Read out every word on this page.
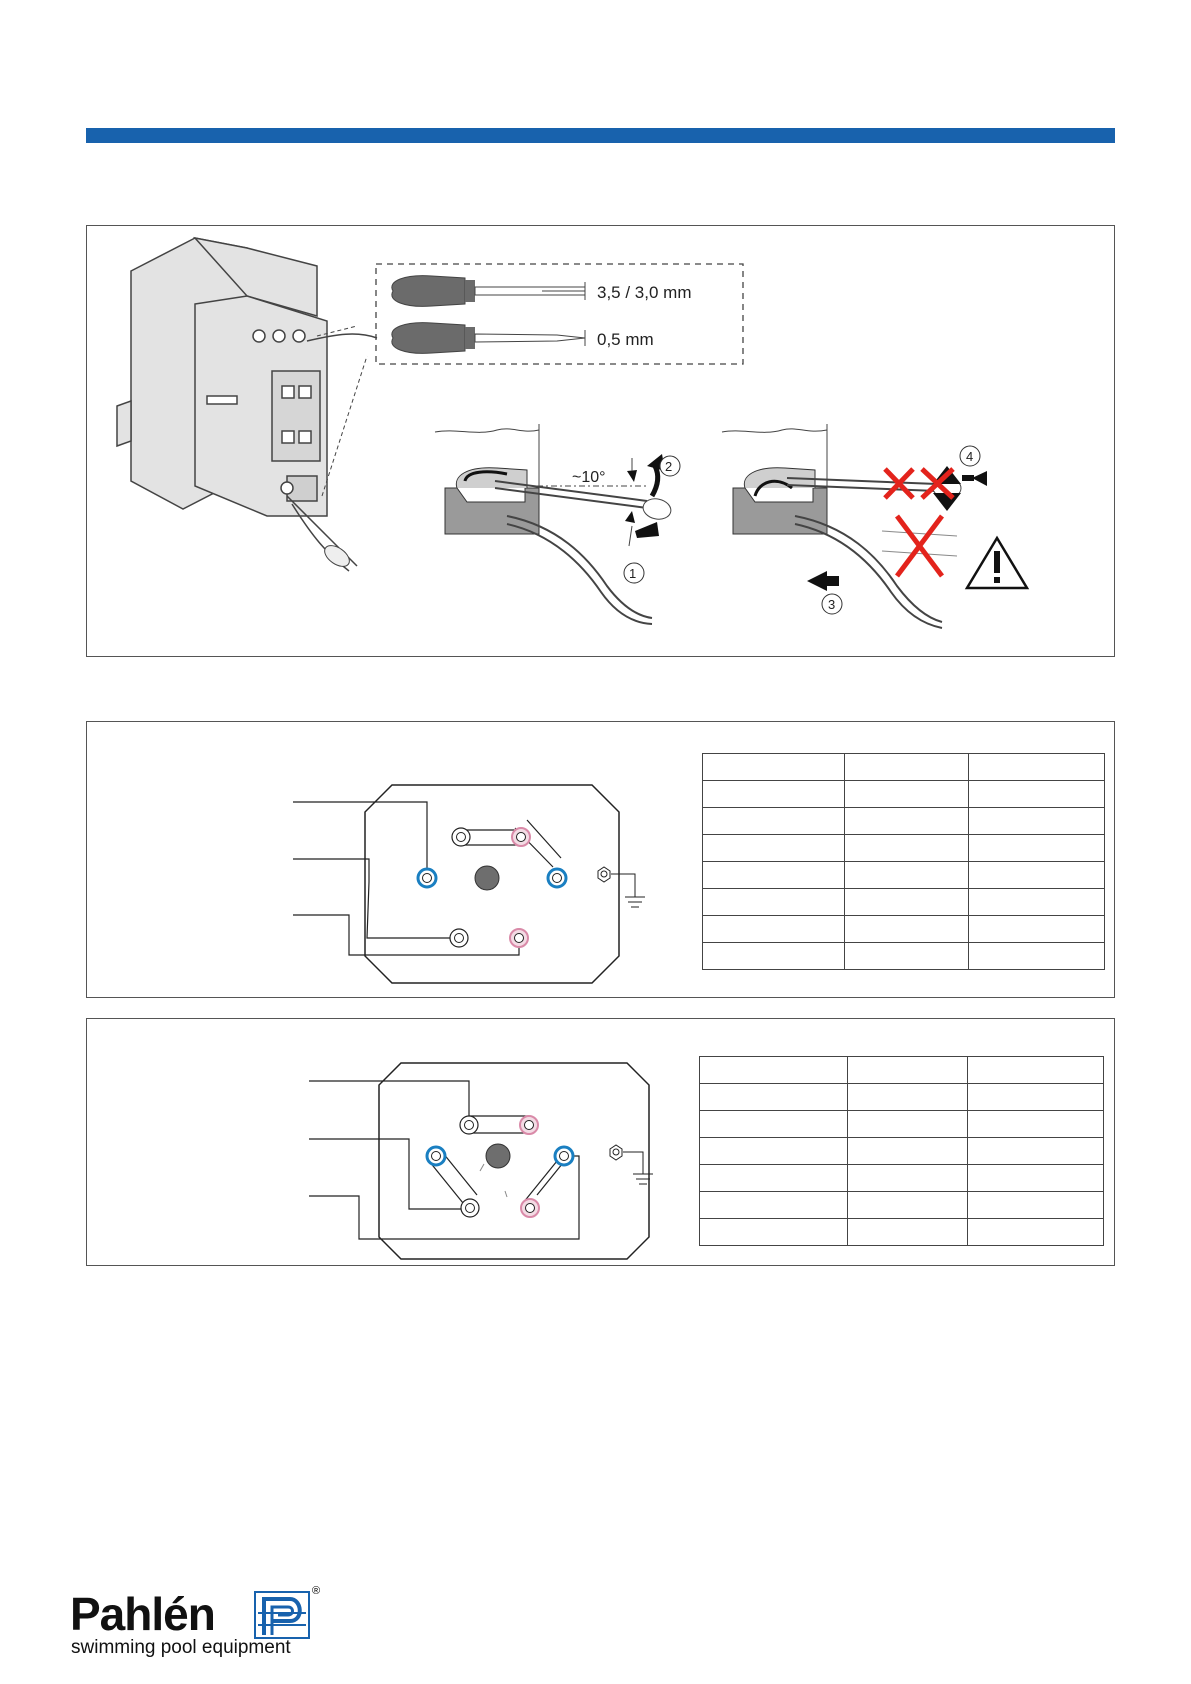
3,5 / 3,0 mm
0,5 mm
~10°
2
1
4
3

Pahlén	®
swimming pool equipment
